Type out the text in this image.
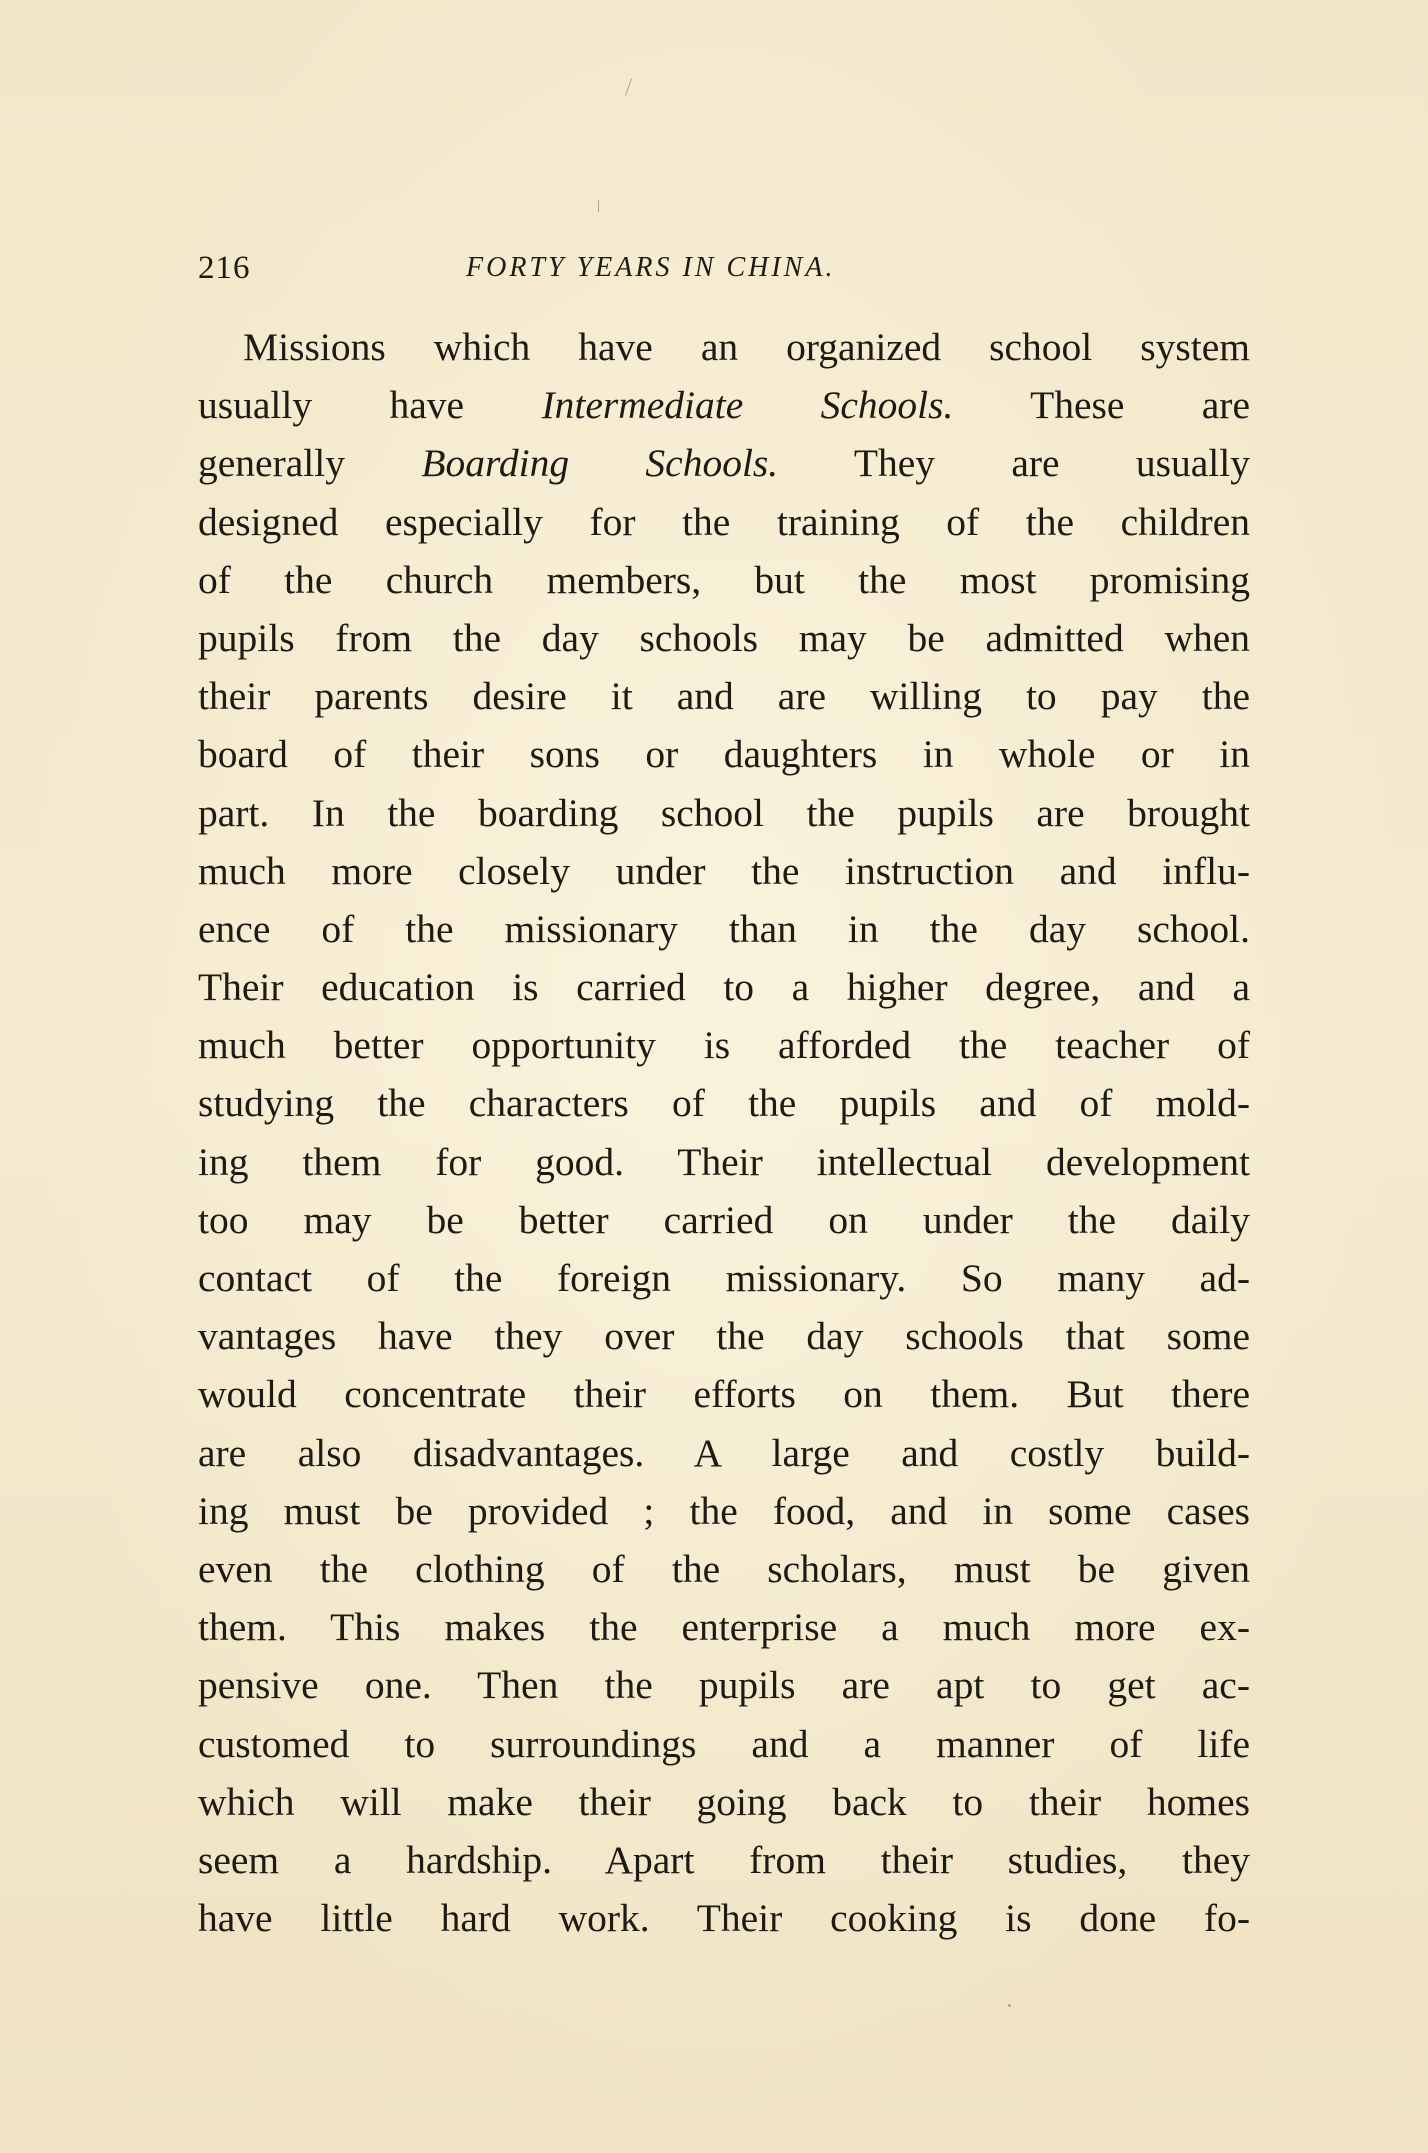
216	FORTY YEARS IN CHINA.
Missions which have an organized school system
usually have Intermediate Schools. These are
generally Boarding Schools. They are usually
designed especially for the training of the children
of the church members, but the most promising
pupils from the day schools may be admitted when
their parents desire it and are willing to pay the
board of their sons or daughters in whole or in
part. In the boarding school the pupils are brought
much more closely under the instruction and influ-
ence of the missionary than in the day school.
Their education is carried to a higher degree, and a
much better opportunity is afforded the teacher of
studying the characters of the pupils and of mold-
ing them for good. Their intellectual development
too may be better carried on under the daily
contact of the foreign missionary. So many ad-
vantages have they over the day schools that some
would concentrate their efforts on them. But there
are also disadvantages. A large and costly build-
ing must be provided ; the food, and in some cases
even the clothing of the scholars, must be given
them. This makes the enterprise a much more ex-
pensive one. Then the pupils are apt to get ac-
customed to surroundings and a manner of life
which will make their going back to their homes
seem a hardship. Apart from their studies, they
have little hard work. Their cooking is done fo-
